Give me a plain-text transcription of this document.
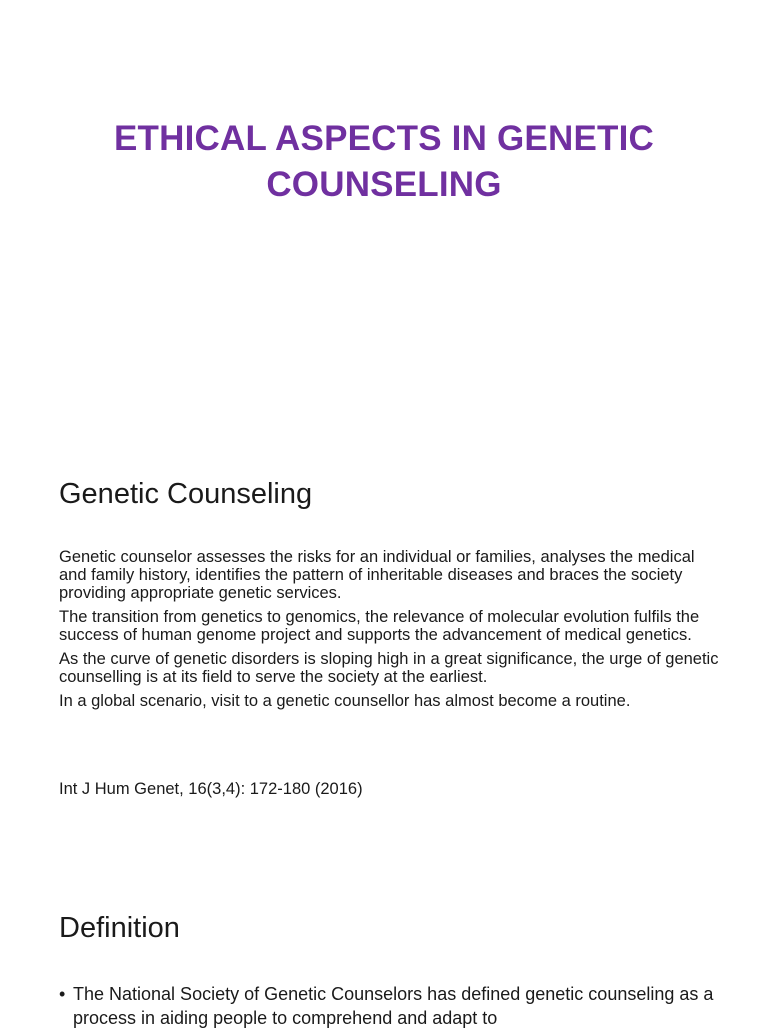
ETHICAL ASPECTS IN GENETIC COUNSELING
Genetic Counseling

Genetic counselor assesses the risks for an individual or families, analyses the medical and family history, identifies the pattern of inheritable diseases and braces the society providing appropriate genetic services.

The transition from genetics to genomics, the relevance of molecular evolution fulfils the success of human genome project and supports the advancement of medical genetics.

As the curve of genetic disorders is sloping high in a great significance, the urge of genetic counselling is at its field to serve the society at the earliest.

In a global scenario, visit to a genetic counsellor has almost become a routine.

Int J Hum Genet, 16(3,4): 172-180 (2016)
Definition
• The National Society of Genetic Counselors has defined genetic counseling as a process in aiding people to comprehend and adapt to
